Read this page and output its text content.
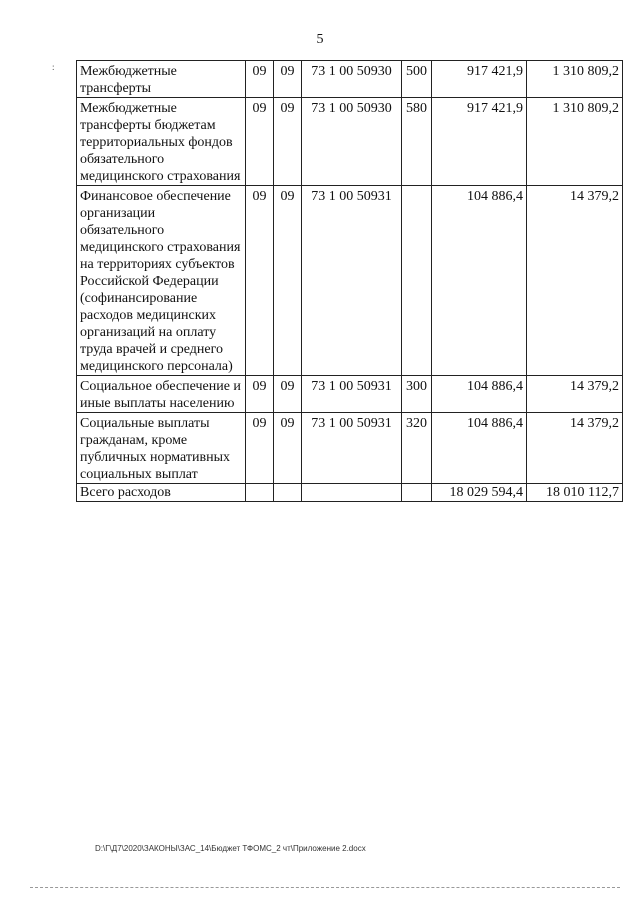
5
: Межбюджетные трансферты	09	09	73 1 00 50930	500	917 421,9	1 310 809,2
Межбюджетные трансферты бюджетам территориальных фондов обязательного медицинского страхования	09	09	73 1 00 50930	580	917 421,9	1 310 809,2
Финансовое обеспечение организации обязательного медицинского страхования на территориях субъектов Российской Федерации (софинансирование расходов медицинских организаций на оплату труда врачей и среднего медицинского персонала)	09	09	73 1 00 50931		104 886,4	14 379,2
Социальное обеспечение и иные выплаты населению	09	09	73 1 00 50931	300	104 886,4	14 379,2
Социальные выплаты гражданам, кроме публичных нормативных социальных выплат	09	09	73 1 00 50931	320	104 886,4	14 379,2
Всего расходов					18 029 594,4	18 010 112,7
D:\Г\Д7\2020\ЗАКОНЫ\ЗАС_14\Бюджет ТФОМС_2 чт\Приложение 2.docx
